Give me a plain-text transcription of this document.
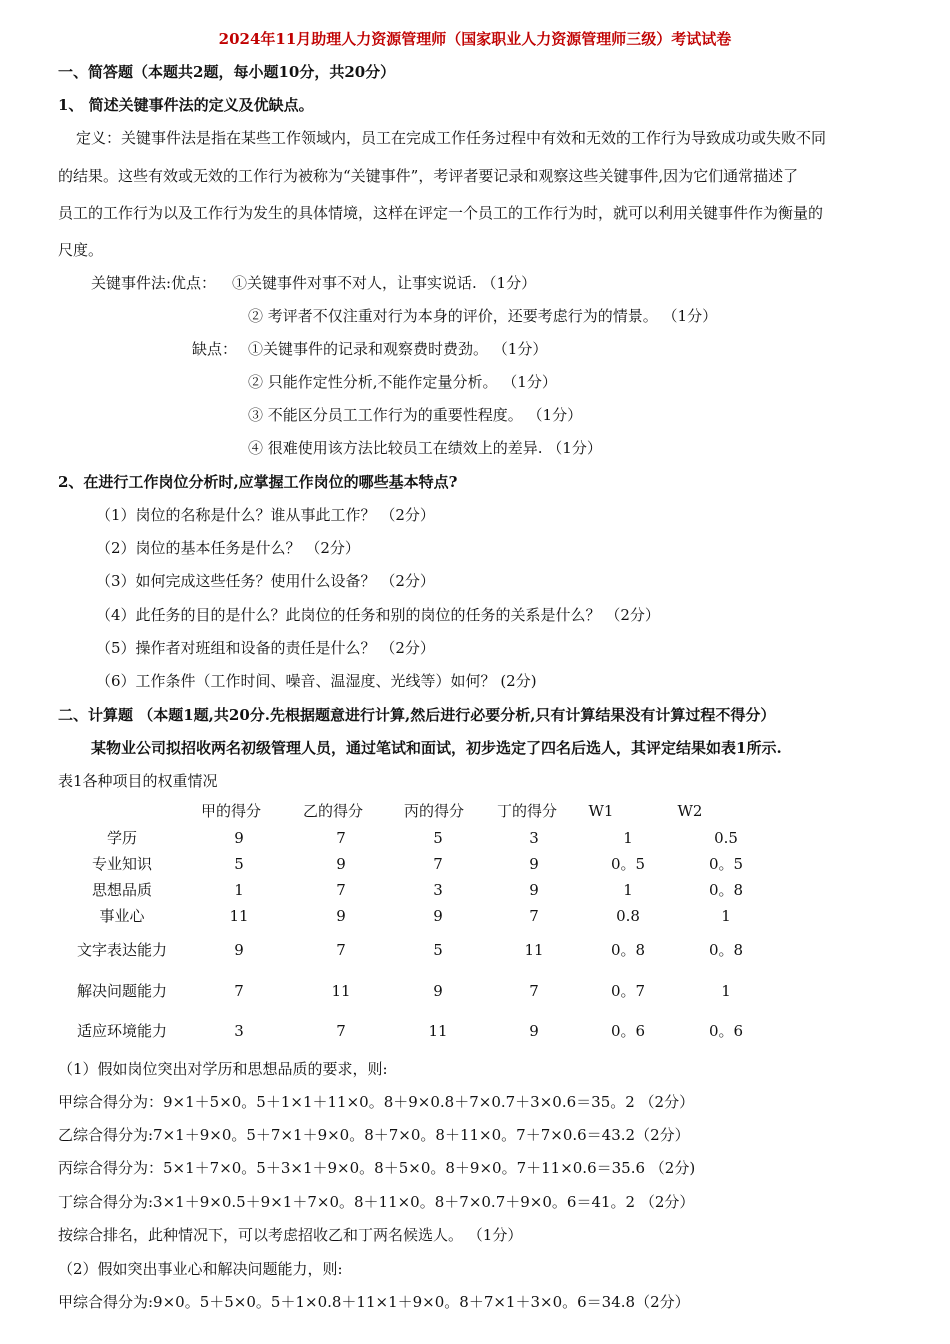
2024年11月助理人力资源管理师（国家职业人力资源管理师三级）考试试卷
一、简答题（本题共2题，每小题10分，共20分）
1、 简述关键事件法的定义及优缺点。
定义：关键事件法是指在某些工作领域内，员工在完成工作任务过程中有效和无效的工作行为导致成功或失败不同
的结果。这些有效或无效的工作行为被称为“关键事件”，考评者要记录和观察这些关键事件,因为它们通常描述了
员工的工作行为以及工作行为发生的具体情境，这样在评定一个员工的工作行为时，就可以利用关键事件作为衡量的
尺度。
关键事件法:优点： ①关键事件对事不对人，让事实说话. （1分）
② 考评者不仅注重对行为本身的评价，还要考虑行为的情景。 （1分）
缺点： ①关键事件的记录和观察费时费劲。 （1分）
② 只能作定性分析,不能作定量分析。 （1分）
③ 不能区分员工工作行为的重要性程度。 （1分）
④ 很难使用该方法比较员工在绩效上的差异. （1分）
2、在进行工作岗位分析时,应掌握工作岗位的哪些基本特点?
（1）岗位的名称是什么？谁从事此工作？ （2分）
（2）岗位的基本任务是什么？ （2分）
（3）如何完成这些任务？使用什么设备？ （2分）
（4）此任务的目的是什么？此岗位的任务和别的岗位的任务的关系是什么？ （2分）
（5）操作者对班组和设备的责任是什么？ （2分）
（6）工作条件（工作时间、噪音、温湿度、光线等）如何？ (2分)
二、计算题 （本题1题,共20分.先根据题意进行计算,然后进行必要分析,只有计算结果没有计算过程不得分）
某物业公司拟招收两名初级管理人员，通过笔试和面试，初步选定了四名后选人，其评定结果如表1所示.
表1各种项目的权重情况
甲的得分	乙的得分	丙的得分 丁的得分 W1	W2
学历	9	7	5	3	1	0.5
专业知识	5	9	7	9	0。5	0。5
思想品质	1	7	3	9	1	0。8
事业心	11	9	9	7	0.8	1
文字表达能力	9	7	5	11	0。8	0。8
解决问题能力	7	11	9	7	0。7	1
适应环境能力	3	7	11	9	0。6	0。6
（1）假如岗位突出对学历和思想品质的要求，则:
甲综合得分为：9×1＋5×0。5＋1×1＋11×0。8＋9×0.8＋7×0.7＋3×0.6＝35。2 （2分）
乙综合得分为:7×1＋9×0。5＋7×1＋9×0。8＋7×0。8＋11×0。7＋7×0.6＝43.2（2分）
丙综合得分为：5×1＋7×0。5＋3×1＋9×0。8＋5×0。8＋9×0。7＋11×0.6＝35.6 （2分)
丁综合得分为:3×1＋9×0.5＋9×1＋7×0。8＋11×0。8＋7×0.7＋9×0。6＝41。2 （2分）
按综合排名，此种情况下，可以考虑招收乙和丁两名候选人。 （1分）
（2）假如突出事业心和解决问题能力，则:
甲综合得分为:9×0。5＋5×0。5＋1×0.8＋11×1＋9×0。8＋7×1＋3×0。6＝34.8（2分）
